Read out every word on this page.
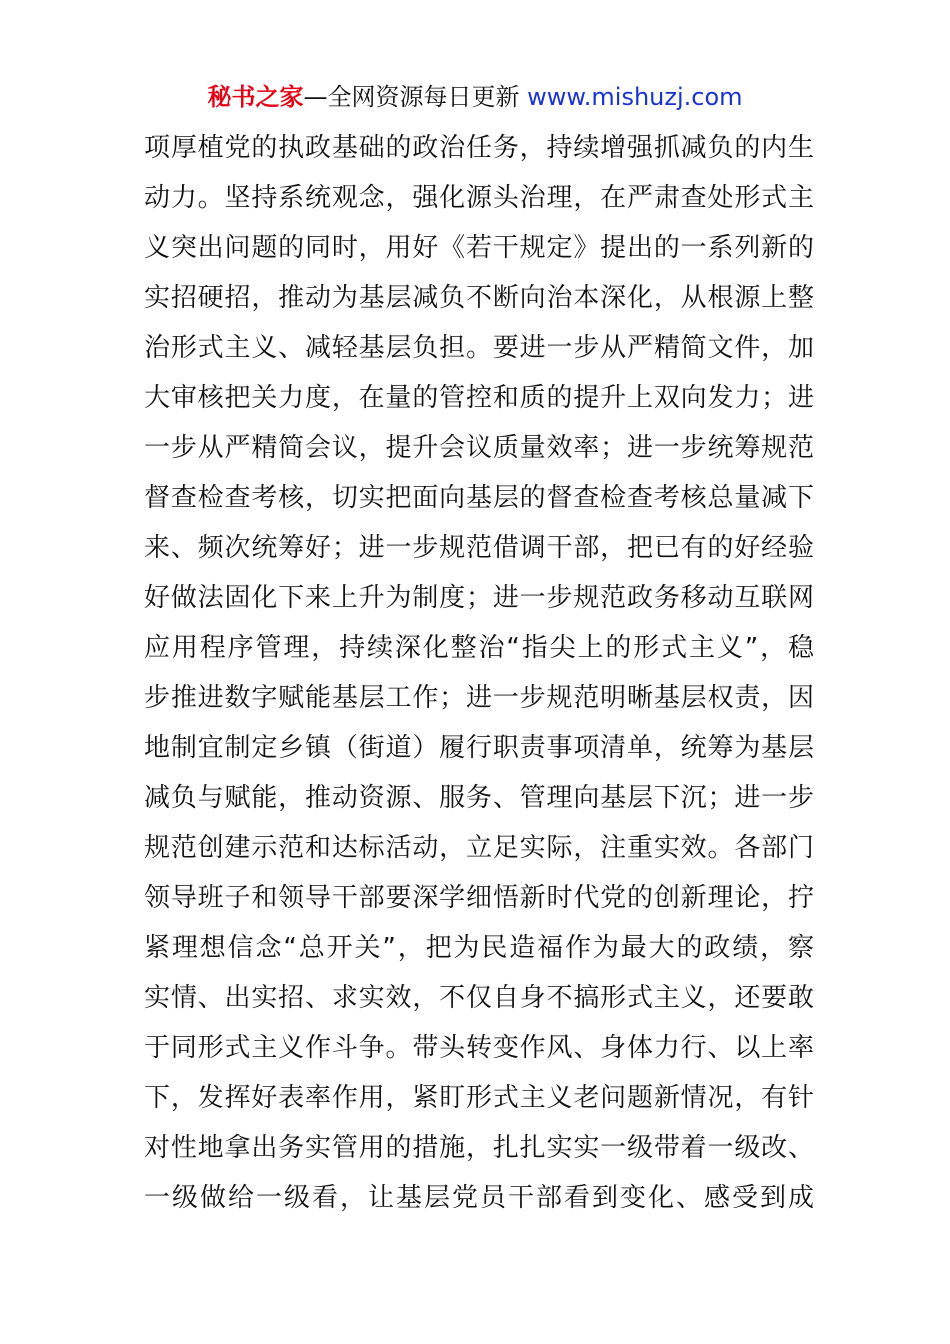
秘书之家—全网资源每日更新 www.mishuzj.com
项厚植党的执政基础的政治任务，持续增强抓减负的内生
动力。坚持系统观念，强化源头治理，在严肃查处形式主
义突出问题的同时，用好《若干规定》提出的一系列新的
实招硬招，推动为基层减负不断向治本深化，从根源上整
治形式主义、减轻基层负担。要进一步从严精简文件，加
大审核把关力度，在量的管控和质的提升上双向发力；进
一步从严精简会议，提升会议质量效率；进一步统筹规范
督查检查考核，切实把面向基层的督查检查考核总量减下
来、频次统筹好；进一步规范借调干部，把已有的好经验
好做法固化下来上升为制度；进一步规范政务移动互联网
应用程序管理，持续深化整治“指尖上的形式主义”，稳
步推进数字赋能基层工作；进一步规范明晰基层权责，因
地制宜制定乡镇（街道）履行职责事项清单，统筹为基层
减负与赋能，推动资源、服务、管理向基层下沉；进一步
规范创建示范和达标活动，立足实际，注重实效。各部门
领导班子和领导干部要深学细悟新时代党的创新理论，拧
紧理想信念“总开关”，把为民造福作为最大的政绩，察
实情、出实招、求实效，不仅自身不搞形式主义，还要敢
于同形式主义作斗争。带头转变作风、身体力行、以上率
下，发挥好表率作用，紧盯形式主义老问题新情况，有针
对性地拿出务实管用的措施，扎扎实实一级带着一级改、
一级做给一级看，让基层党员干部看到变化、感受到成
